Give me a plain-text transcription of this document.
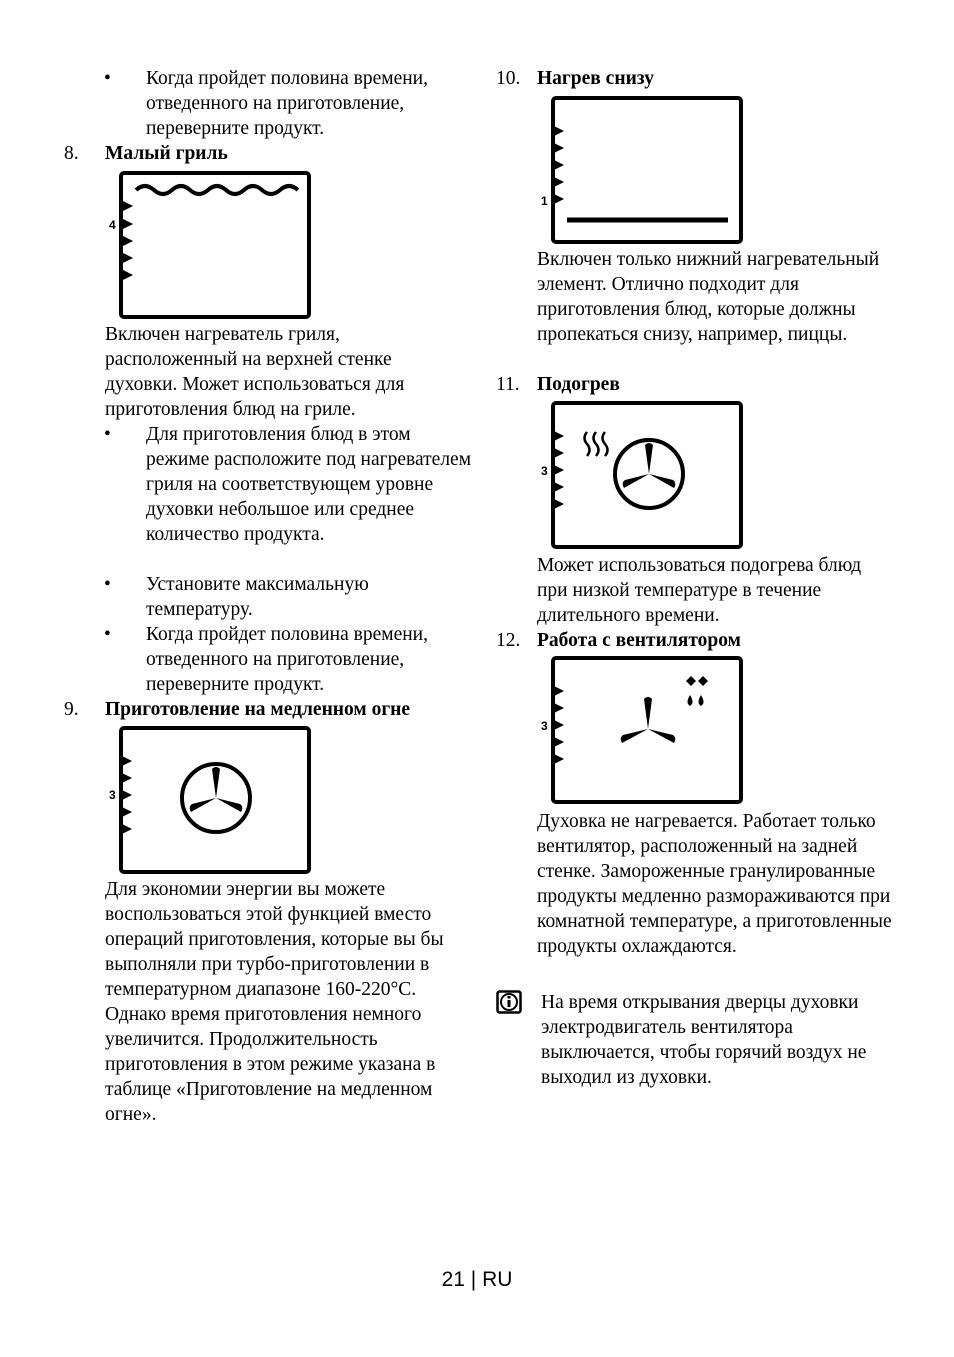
• Когда пройдет половина времени, отведенного на приготовление, переверните продукт.

8. Малый гриль
4

Включен нагреватель гриля, расположенный на верхней стенке духовки. Может использоваться для приготовления блюд на гриле.

• Для приготовления блюд в этом режиме расположите под нагревателем гриля на соответствующем уровне духовки небольшое или среднее количество продукта.

• Установите максимальную температуру.

• Когда пройдет половина времени, отведенного на приготовление, переверните продукт.

9. Приготовление на медленном огне
3

Для экономии энергии вы можете воспользоваться этой функцией вместо операций приготовления, которые вы бы выполняли при турбо-приготовлении в температурном диапазоне 160-220°C. Однако время приготовления немного увеличится. Продолжительность приготовления в этом режиме указана в таблице «Приготовление на медленном огне».

10. Нагрев снизу
1

Включен только нижний нагревательный элемент. Отлично подходит для приготовления блюд, которые должны пропекаться снизу, например, пиццы.

11. Подогрев
3

Может использоваться подогрева блюд при низкой температуре в течение длительного времени.

12. Работа с вентилятором
3

Духовка не нагревается. Работает только вентилятор, расположенный на задней стенке. Замороженные гранулированные продукты медленно размораживаются при комнатной температуре, а приготовленные продукты охлаждаются.

На время открывания дверцы духовки электродвигатель вентилятора выключается, чтобы горячий воздух не выходил из духовки.

21 | RU
